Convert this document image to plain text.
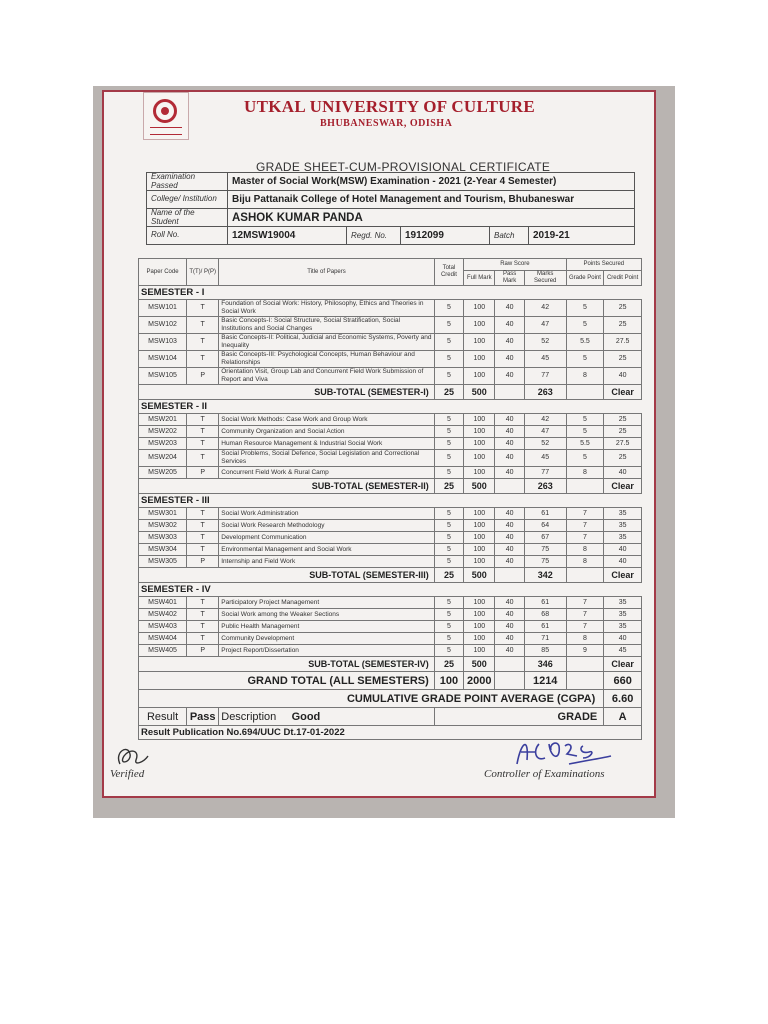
UTKAL UNIVERSITY OF CULTURE
BHUBANESWAR, ODISHA
GRADE SHEET-CUM-PROVISIONAL CERTIFICATE
Examination Passed	Master of Social Work(MSW) Examination - 2021 (2-Year 4 Semester)				
College/ Institution	Biju Pattanaik College of Hotel Management and Tourism, Bhubaneswar				
Name of the Student	ASHOK KUMAR PANDA				
Roll No.	12MSW19004	Regd. No.	1912099	Batch	2019-21
Paper Code	T(T)/ P(P)	Title of Papers	Total Credit	Raw Score			Points Secured	
				Full Mark	Pass Mark	Marks Secured	Grade Point	Credit Point
SEMESTER - I								
MSW101	T	Foundation of Social Work: History, Philosophy, Ethics and Theories in Social Work	5	100	40	42	5	25
MSW102	T	Basic Concepts-I: Social Structure, Social Stratification, Social Institutions and Social Changes	5	100	40	47	5	25
MSW103	T	Basic Concepts-II: Political, Judicial and Economic Systems, Poverty and Inequality	5	100	40	52	5.5	27.5
MSW104	T	Basic Concepts-III: Psychological Concepts, Human Behaviour and Relationships	5	100	40	45	5	25
MSW105	P	Orientation Visit, Group Lab and Concurrent Field Work Submission of Report and Viva	5	100	40	77	8	40
SUB-TOTAL (SEMESTER-I)			25	500		263		Clear
SEMESTER - II								
MSW201	T	Social Work Methods: Case Work and Group Work	5	100	40	42	5	25
MSW202	T	Community Organization and Social Action	5	100	40	47	5	25
MSW203	T	Human Resource Management & Industrial Social Work	5	100	40	52	5.5	27.5
MSW204	T	Social Problems, Social Defence, Social Legislation and Correctional Services	5	100	40	45	5	25
MSW205	P	Concurrent Field Work & Rural Camp	5	100	40	77	8	40
SUB-TOTAL (SEMESTER-II)			25	500		263		Clear
SEMESTER - III								
MSW301	T	Social Work Administration	5	100	40	61	7	35
MSW302	T	Social Work Research Methodology	5	100	40	64	7	35
MSW303	T	Development Communication	5	100	40	67	7	35
MSW304	T	Environmental Management and Social Work	5	100	40	75	8	40
MSW305	P	Internship and Field Work	5	100	40	75	8	40
SUB-TOTAL (SEMESTER-III)			25	500		342		Clear
SEMESTER - IV								
MSW401	T	Participatory Project Management	5	100	40	61	7	35
MSW402	T	Social Work among the Weaker Sections	5	100	40	68	7	35
MSW403	T	Public Health Management	5	100	40	61	7	35
MSW404	T	Community Development	5	100	40	71	8	40
MSW405	P	Project Report/Dissertation	5	100	40	85	9	45
SUB-TOTAL (SEMESTER-IV)			25	500		346		Clear
GRAND TOTAL (ALL SEMESTERS)			100	2000		1214		660
CUMULATIVE GRADE POINT AVERAGE (CGPA)								6.60
Result	Pass	Description Good	GRADE					A
Result Publication No.694/UUC Dt.17-01-2022								
Verified	Controller of Examinations
